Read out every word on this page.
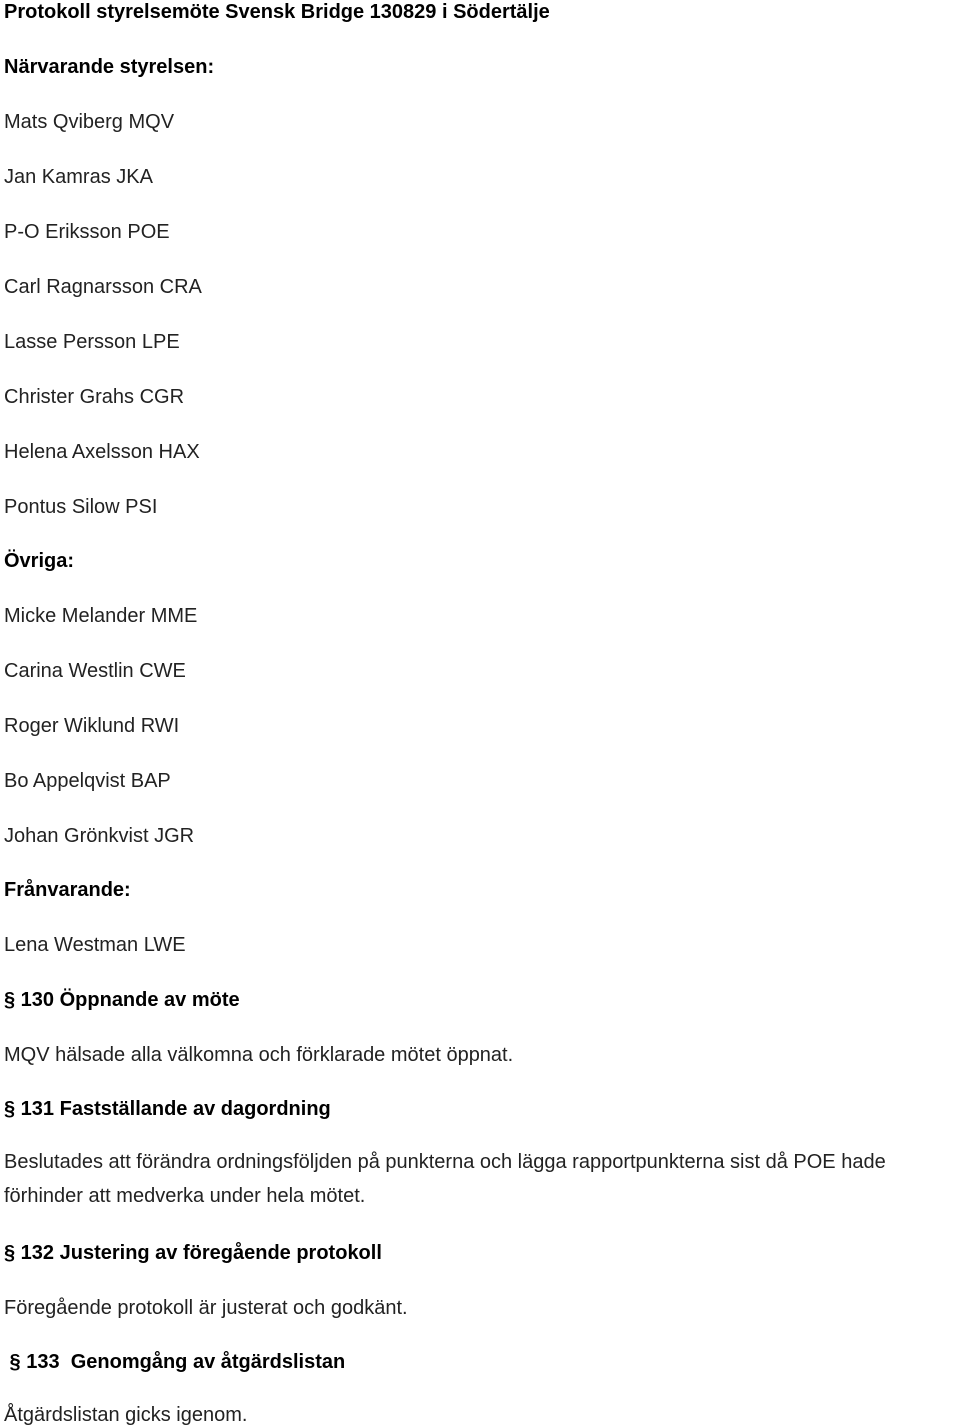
Protokoll styrelsemöte Svensk Bridge 130829 i Södertälje
Närvarande styrelsen:
Mats Qviberg MQV
Jan Kamras JKA
P-O Eriksson POE
Carl Ragnarsson CRA
Lasse Persson LPE
Christer Grahs CGR
Helena Axelsson HAX
Pontus Silow PSI
Övriga:
Micke Melander MME
Carina Westlin CWE
Roger Wiklund RWI
Bo Appelqvist BAP
Johan Grönkvist JGR
Frånvarande:
Lena Westman LWE
§ 130 Öppnande av möte
MQV hälsade alla välkomna och förklarade mötet öppnat.
§ 131 Fastställande av dagordning
Beslutades att förändra ordningsföljden på punkterna och lägga rapportpunkterna sist då POE hade förhinder att medverka under hela mötet.
§ 132 Justering av föregående protokoll
Föregående protokoll är justerat och godkänt.
§ 133  Genomgång av åtgärdslistan
Åtgärdslistan gicks igenom.
